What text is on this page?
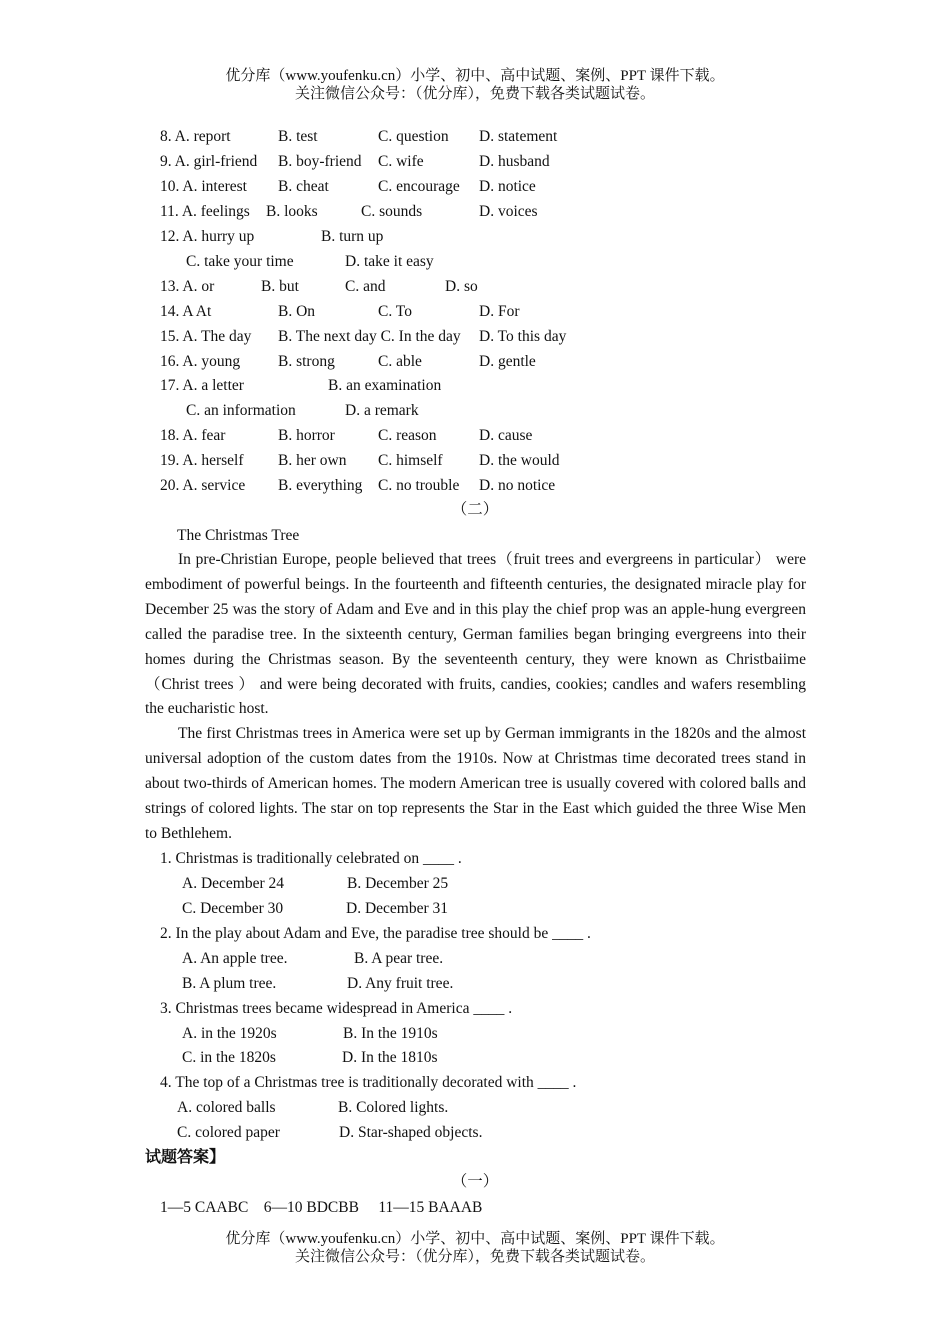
优分库（www.youfenku.cn）小学、初中、高中试题、案例、PPT 课件下载。
关注微信公众号：（优分库），免费下载各类试题试卷。
8. A. report	B. test	C. question D. statement
9. A. girl-friend B. boy-friend C. wife	D. husband
10. A. interest B. cheat	C. encourage D. notice
11. A. feelings B. looks	C. sounds	D. voices
12. A. hurry up	B. turn up
C. take your time	D. take it easy
13. A. or	B. but	C. and	D. so
14. A At	B. On	C. To	D. For
15. A. The day B. The next day C. In the day D. To this day
16. A. young B. strong	C. able	D. gentle
17. A. a letter	B. an examination
C. an information	D. a remark
18. A. fear	B. horror	C. reason	D. cause
19. A. herself B. her own C. himself D. the would
20. A. service B. everything C. no trouble D. no notice
（二）
The Christmas Tree
In pre-Christian Europe, people believed that trees（fruit trees and evergreens in particular） were embodiment of powerful beings. In the fourteenth and fifteenth centuries, the designated miracle play for December 25 was the story of Adam and Eve and in this play the chief prop was an apple-hung evergreen called the paradise tree. In the sixteenth century, German families began bringing evergreens into their homes during the Christmas season. By the seventeenth century, they were known as Christbaiime（Christ trees ） and were being decorated with fruits, candies, cookies; candles and wafers resembling the eucharistic host.
The first Christmas trees in America were set up by German immigrants in the 1820s and the almost universal adoption of the custom dates from the 1910s. Now at Christmas time decorated trees stand in about two-thirds of American homes. The modern American tree is usually covered with colored balls and strings of colored lights. The star on top represents the Star in the East which guided the three Wise Men to Bethlehem.
1. Christmas is traditionally celebrated on ____ .
A. December 24	B. December 25
C. December 30	D. December 31
2. In the play about Adam and Eve, the paradise tree should be ____ .
A. An apple tree.	B. A pear tree.
B. A plum tree.	D. Any fruit tree.
3. Christmas trees became widespread in America ____ .
A. in the 1920s	B. In the 1910s
C. in the 1820s	D. In the 1810s
4. The top of a Christmas tree is traditionally decorated with ____ .
A. colored balls	B. Colored lights.
C. colored paper	D. Star-shaped objects.
试题答案】
（一）
1—5 CAABC    6—10 BDCBB     11—15 BAAAB
优分库（www.youfenku.cn）小学、初中、高中试题、案例、PPT 课件下载。
关注微信公众号：（优分库），免费下载各类试题试卷。
